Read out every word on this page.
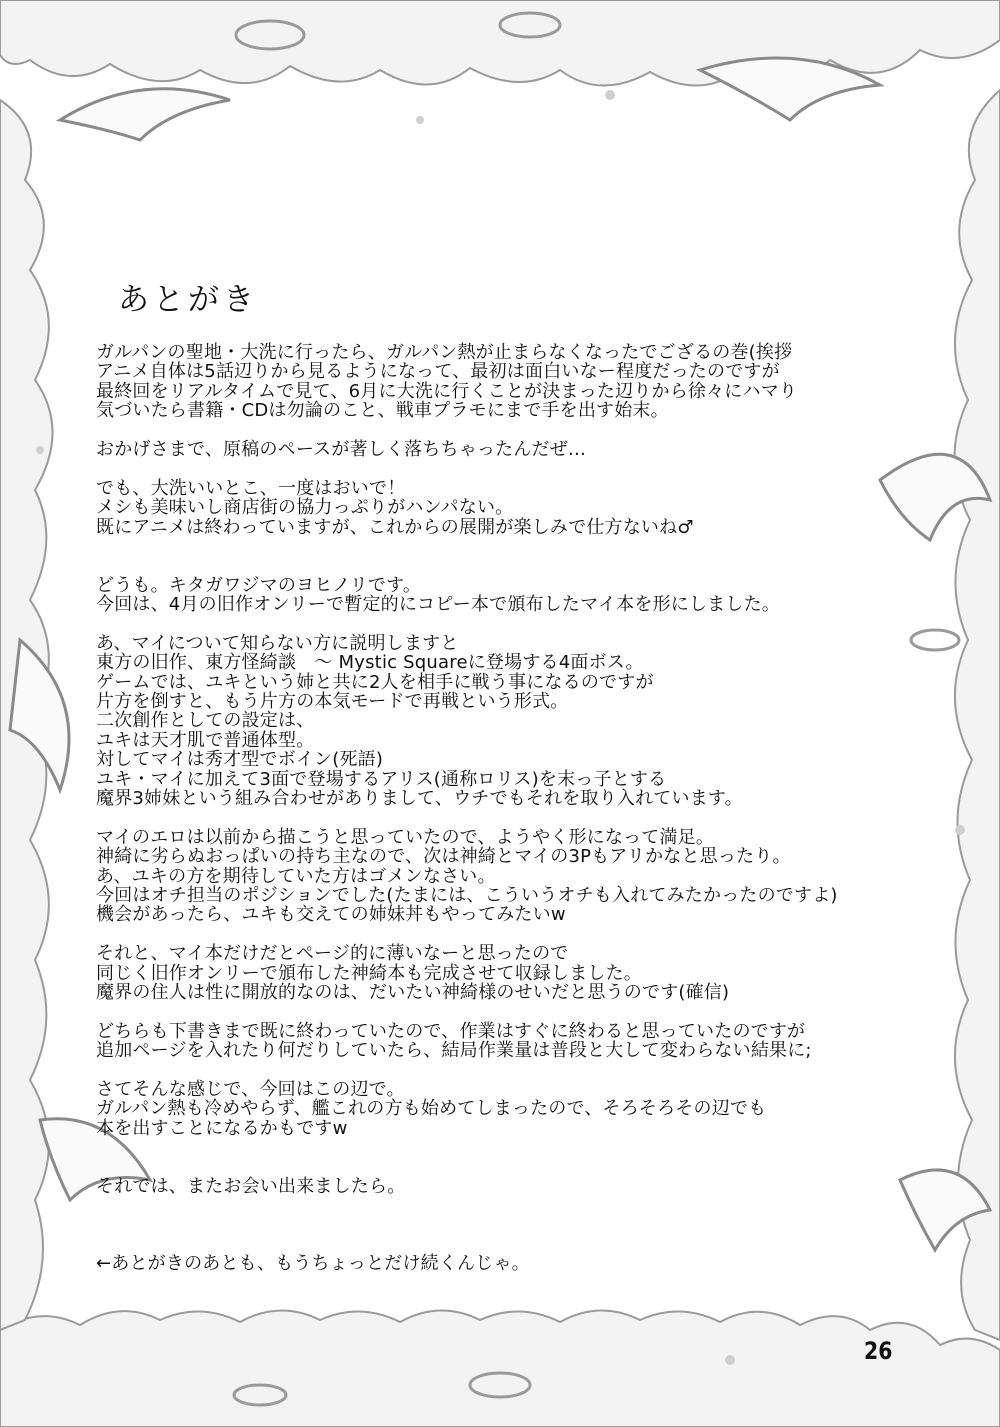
あとがき
ガルパンの聖地・大洗に行ったら、ガルパン熱が止まらなくなったでござるの巻(挨拶
アニメ自体は5話辺りから見るようになって、最初は面白いなー程度だったのですが
最終回をリアルタイムで見て、6月に大洗に行くことが決まった辺りから徐々にハマり
気づいたら書籍・CDは勿論のこと、戦車プラモにまで手を出す始末。
おかげさまで、原稿のペースが著しく落ちちゃったんだぜ…
でも、大洗いいとこ、一度はおいで！
メシも美味いし商店街の協力っぷりがハンパない。
既にアニメは終わっていますが、これからの展開が楽しみで仕方ないね♂
どうも。キタガワジマのヨヒノリです。
今回は、4月の旧作オンリーで暫定的にコピー本で頒布したマイ本を形にしました。
あ、マイについて知らない方に説明しますと
東方の旧作、東方怪綺談　～ Mystic Squareに登場する4面ボス。
ゲームでは、ユキという姉と共に2人を相手に戦う事になるのですが
片方を倒すと、もう片方の本気モードで再戦という形式。
二次創作としての設定は、
ユキは天才肌で普通体型。
対してマイは秀才型でボイン(死語)
ユキ・マイに加えて3面で登場するアリス(通称ロリス)を末っ子とする
魔界3姉妹という組み合わせがありまして、ウチでもそれを取り入れています。
マイのエロは以前から描こうと思っていたので、ようやく形になって満足。
神綺に劣らぬおっぱいの持ち主なので、次は神綺とマイの3Pもアリかなと思ったり。
あ、ユキの方を期待していた方はゴメンなさい。
今回はオチ担当のポジションでした(たまには、こういうオチも入れてみたかったのですよ)
機会があったら、ユキも交えての姉妹丼もやってみたいw
それと、マイ本だけだとページ的に薄いなーと思ったので
同じく旧作オンリーで頒布した神綺本も完成させて収録しました。
魔界の住人は性に開放的なのは、だいたい神綺様のせいだと思うのです(確信)
どちらも下書きまで既に終わっていたので、作業はすぐに終わると思っていたのですが
追加ページを入れたり何だりしていたら、結局作業量は普段と大して変わらない結果に;
さてそんな感じで、今回はこの辺で。
ガルパン熱も冷めやらず、艦これの方も始めてしまったので、そろそろその辺でも
本を出すことになるかもですw
それでは、またお会い出来ましたら。
←あとがきのあとも、もうちょっとだけ続くんじゃ。
26
